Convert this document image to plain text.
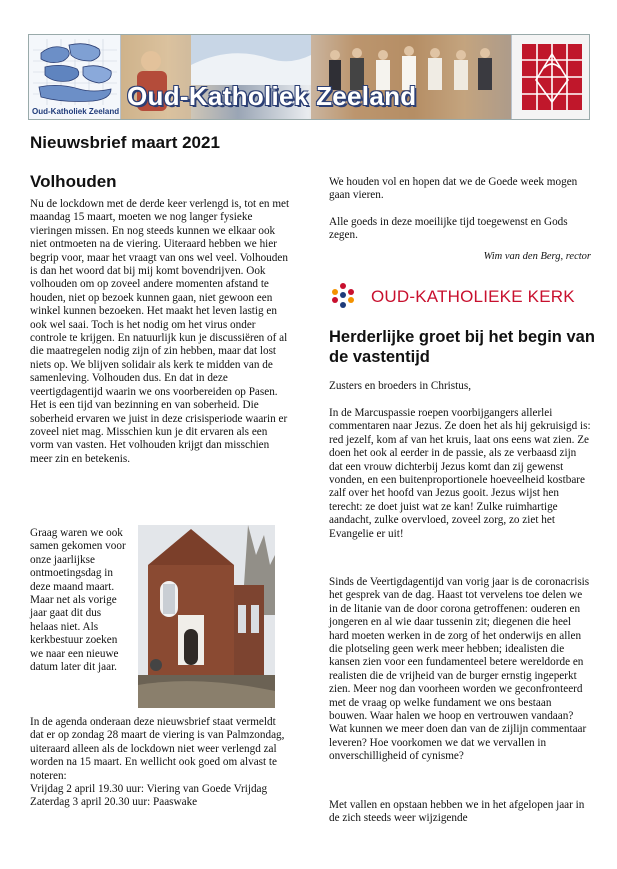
Oud-Katholiek Zeeland
Oud-Katholiek Zeeland
Nieuwsbrief maart 2021
Volhouden

Nu de lockdown met de derde keer verlengd is, tot en met maandag 15 maart, moeten we nog langer fysieke vieringen missen. En nog steeds kunnen we elkaar ook niet ontmoeten na de viering. Uiteraard hebben we hier begrip voor, maar het vraagt van ons wel veel. Volhouden is dan het woord dat bij mij komt bovendrijven. Ook volhouden om op zoveel andere momenten afstand te houden, niet op bezoek kunnen gaan, niet gewoon een winkel kunnen bezoeken. Het maakt het leven lastig en ook wel saai. Toch is het nodig om het virus onder controle te krijgen. En natuurlijk kun je discussiëren of al die maatregelen nodig zijn of zin hebben, maar dat lost niets op. We blijven solidair als kerk te midden van de samenleving. Volhouden dus. En dat in deze veertigdagentijd waarin we ons voorbereiden op Pasen. Het is een tijd van bezinning en van soberheid. Die soberheid ervaren we juist in deze crisisperiode waarin er zoveel niet mag. Misschien kun je dit ervaren als een vorm van vasten. Het volhouden krijgt dan misschien meer zin en betekenis.

Graag waren we ook samen gekomen voor onze jaarlijkse ontmoetingsdag in deze maand maart. Maar net als vorige jaar gaat dit dus helaas niet. Als kerkbestuur zoeken we naar een nieuwe datum later dit jaar.

In de agenda onderaan deze nieuwsbrief staat vermeldt dat er op zondag 28 maart de viering is van Palmzondag, uiteraard alleen als de lockdown niet weer verlengd zal worden na 15 maart. En wellicht ook goed om alvast te noteren:
Vrijdag 2 april 19.30 uur: Viering van Goede Vrijdag
Zaterdag 3 april 20.30 uur: Paaswake

We houden vol en hopen dat we de Goede week mogen gaan vieren.

Alle goeds in deze moeilijke tijd toegewenst en Gods zegen.

Wim van den Berg, rector
OUD-KATHOLIEKE KERK
Herderlijke groet bij het begin van de vastentijd

Zusters en broeders in Christus,

In de Marcuspassie roepen voorbijgangers allerlei commentaren naar Jezus. Ze doen het als hij gekruisigd is: red jezelf, kom af van het kruis, laat ons eens wat zien. Ze doen het ook al eerder in de passie, als ze verbaasd zijn dat een vrouw dichterbij Jezus komt dan zij gewenst vonden, en een buitenproportionele hoeveelheid kostbare zalf over het hoofd van Jezus gooit. Jezus wijst hen terecht: ze doet juist wat ze kan! Zulke ruimhartige aandacht, zulke overvloed, zoveel zorg, zo ziet het Evangelie er uit!

Sinds de Veertigdagentijd van vorig jaar is de coronacrisis het gesprek van de dag. Haast tot vervelens toe delen we in de litanie van de door corona getroffenen: ouderen en jongeren en al wie daar tussenin zit; diegenen die heel hard moeten werken in de zorg of het onderwijs en allen die plotseling geen werk meer hebben; idealisten die kansen zien voor een fundamenteel betere wereldorde en realisten die de vrijheid van de burger ernstig ingeperkt zien. Meer nog dan voorheen worden we geconfronteerd met de vraag op welke fundament we ons bestaan bouwen. Waar halen we hoop en vertrouwen vandaan? Wat kunnen we meer doen dan van de zijlijn commentaar leveren? Hoe voorkomen we dat we vervallen in onverschilligheid of cynisme?

Met vallen en opstaan hebben we in het afgelopen jaar in de zich steeds weer wijzigende
